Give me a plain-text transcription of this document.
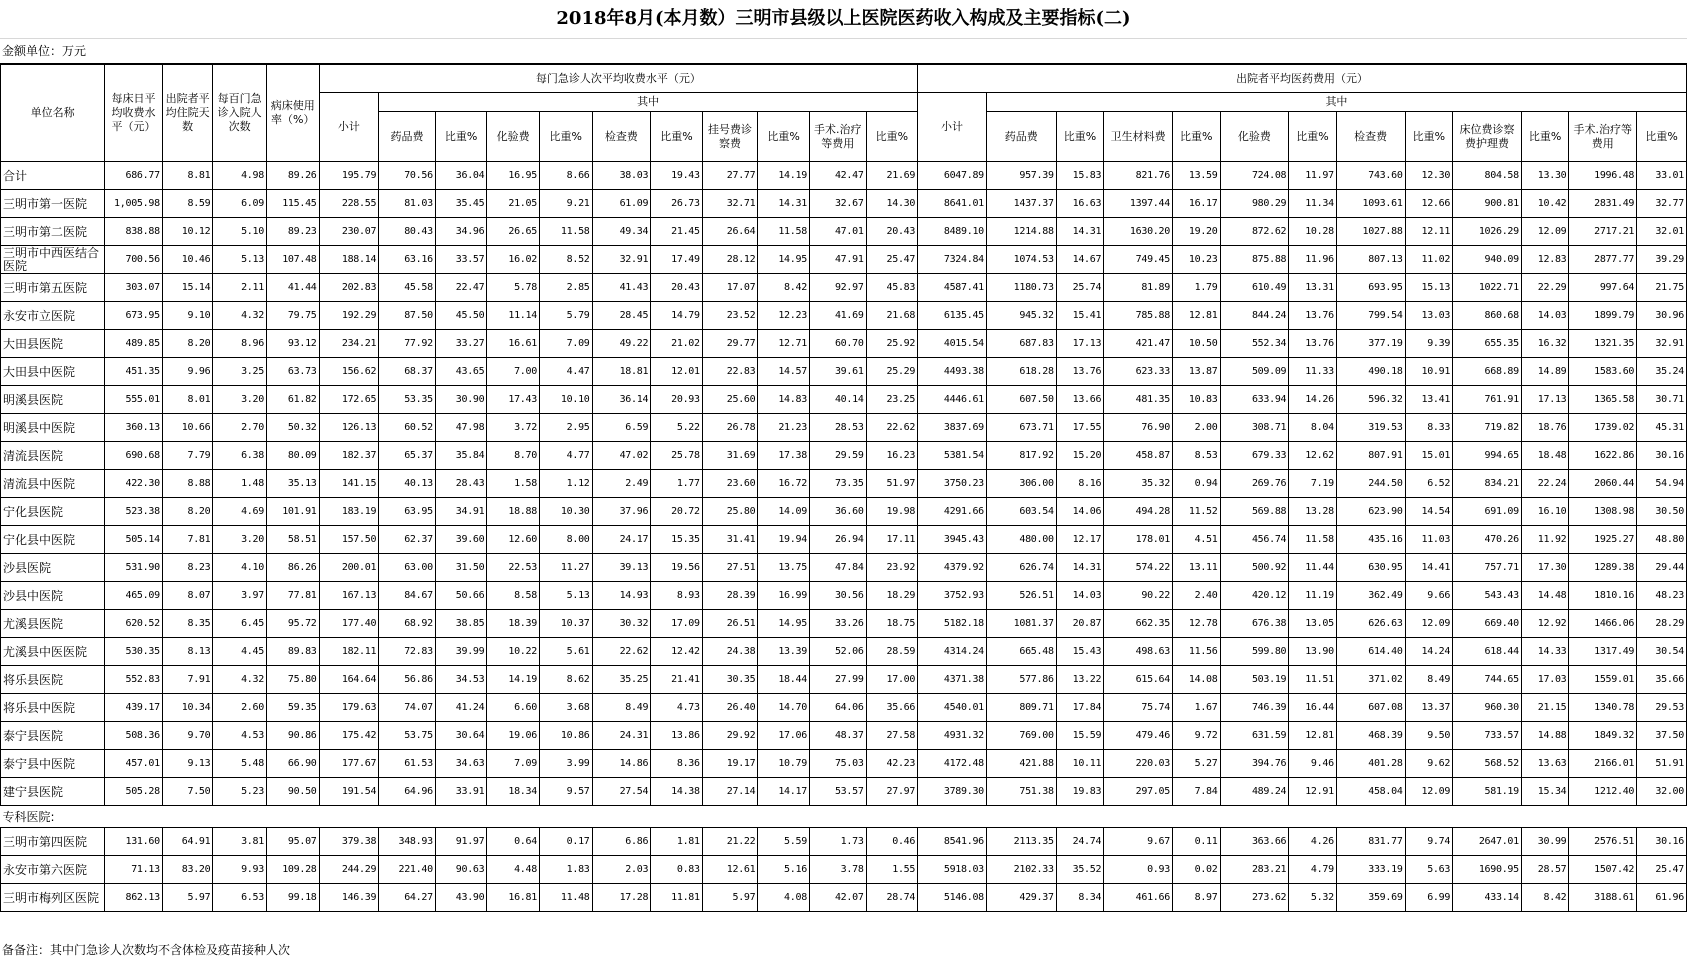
2018年8月(本月数）三明市县级以上医院医药收入构成及主要指标(二)
金额单位：万元
单位名称	每床日平均收费水平（元）	出院者平均住院天数	每百门急诊入院人次数	病床使用率（%）	每门急诊人次平均收费水平（元）											出院者平均医药费用（元）												
					小计	其中										小计	其中											
						药品费	比重%	化验费	比重%	检查费	比重%	挂号费诊察费	比重%	手术.治疗等费用	比重%		药品费	比重%	卫生材料费	比重%	化验费	比重%	检查费	比重%	床位费诊察费护理费	比重%	手术.治疗等费用	比重%
合计	686.77	8.81	4.98	89.26	195.79	70.56	36.04	16.95	8.66	38.03	19.43	27.77	14.19	42.47	21.69	6047.89	957.39	15.83	821.76	13.59	724.08	11.97	743.60	12.30	804.58	13.30	1996.48	33.01
三明市第一医院	1,005.98	8.59	6.09	115.45	228.55	81.03	35.45	21.05	9.21	61.09	26.73	32.71	14.31	32.67	14.30	8641.01	1437.37	16.63	1397.44	16.17	980.29	11.34	1093.61	12.66	900.81	10.42	2831.49	32.77
三明市第二医院	838.88	10.12	5.10	89.23	230.07	80.43	34.96	26.65	11.58	49.34	21.45	26.64	11.58	47.01	20.43	8489.10	1214.88	14.31	1630.20	19.20	872.62	10.28	1027.88	12.11	1026.29	12.09	2717.21	32.01
三明市中西医结合医院	700.56	10.46	5.13	107.48	188.14	63.16	33.57	16.02	8.52	32.91	17.49	28.12	14.95	47.91	25.47	7324.84	1074.53	14.67	749.45	10.23	875.88	11.96	807.13	11.02	940.09	12.83	2877.77	39.29
三明市第五医院	303.07	15.14	2.11	41.44	202.83	45.58	22.47	5.78	2.85	41.43	20.43	17.07	8.42	92.97	45.83	4587.41	1180.73	25.74	81.89	1.79	610.49	13.31	693.95	15.13	1022.71	22.29	997.64	21.75
永安市立医院	673.95	9.10	4.32	79.75	192.29	87.50	45.50	11.14	5.79	28.45	14.79	23.52	12.23	41.69	21.68	6135.45	945.32	15.41	785.88	12.81	844.24	13.76	799.54	13.03	860.68	14.03	1899.79	30.96
大田县医院	489.85	8.20	8.96	93.12	234.21	77.92	33.27	16.61	7.09	49.22	21.02	29.77	12.71	60.70	25.92	4015.54	687.83	17.13	421.47	10.50	552.34	13.76	377.19	9.39	655.35	16.32	1321.35	32.91
大田县中医院	451.35	9.96	3.25	63.73	156.62	68.37	43.65	7.00	4.47	18.81	12.01	22.83	14.57	39.61	25.29	4493.38	618.28	13.76	623.33	13.87	509.09	11.33	490.18	10.91	668.89	14.89	1583.60	35.24
明溪县医院	555.01	8.01	3.20	61.82	172.65	53.35	30.90	17.43	10.10	36.14	20.93	25.60	14.83	40.14	23.25	4446.61	607.50	13.66	481.35	10.83	633.94	14.26	596.32	13.41	761.91	17.13	1365.58	30.71
明溪县中医院	360.13	10.66	2.70	50.32	126.13	60.52	47.98	3.72	2.95	6.59	5.22	26.78	21.23	28.53	22.62	3837.69	673.71	17.55	76.90	2.00	308.71	8.04	319.53	8.33	719.82	18.76	1739.02	45.31
清流县医院	690.68	7.79	6.38	80.09	182.37	65.37	35.84	8.70	4.77	47.02	25.78	31.69	17.38	29.59	16.23	5381.54	817.92	15.20	458.87	8.53	679.33	12.62	807.91	15.01	994.65	18.48	1622.86	30.16
清流县中医院	422.30	8.88	1.48	35.13	141.15	40.13	28.43	1.58	1.12	2.49	1.77	23.60	16.72	73.35	51.97	3750.23	306.00	8.16	35.32	0.94	269.76	7.19	244.50	6.52	834.21	22.24	2060.44	54.94
宁化县医院	523.38	8.20	4.69	101.91	183.19	63.95	34.91	18.88	10.30	37.96	20.72	25.80	14.09	36.60	19.98	4291.66	603.54	14.06	494.28	11.52	569.88	13.28	623.90	14.54	691.09	16.10	1308.98	30.50
宁化县中医院	505.14	7.81	3.20	58.51	157.50	62.37	39.60	12.60	8.00	24.17	15.35	31.41	19.94	26.94	17.11	3945.43	480.00	12.17	178.01	4.51	456.74	11.58	435.16	11.03	470.26	11.92	1925.27	48.80
沙县医院	531.90	8.23	4.10	86.26	200.01	63.00	31.50	22.53	11.27	39.13	19.56	27.51	13.75	47.84	23.92	4379.92	626.74	14.31	574.22	13.11	500.92	11.44	630.95	14.41	757.71	17.30	1289.38	29.44
沙县中医院	465.09	8.07	3.97	77.81	167.13	84.67	50.66	8.58	5.13	14.93	8.93	28.39	16.99	30.56	18.29	3752.93	526.51	14.03	90.22	2.40	420.12	11.19	362.49	9.66	543.43	14.48	1810.16	48.23
尤溪县医院	620.52	8.35	6.45	95.72	177.40	68.92	38.85	18.39	10.37	30.32	17.09	26.51	14.95	33.26	18.75	5182.18	1081.37	20.87	662.35	12.78	676.38	13.05	626.63	12.09	669.40	12.92	1466.06	28.29
尤溪县中医医院	530.35	8.13	4.45	89.83	182.11	72.83	39.99	10.22	5.61	22.62	12.42	24.38	13.39	52.06	28.59	4314.24	665.48	15.43	498.63	11.56	599.80	13.90	614.40	14.24	618.44	14.33	1317.49	30.54
将乐县医院	552.83	7.91	4.32	75.80	164.64	56.86	34.53	14.19	8.62	35.25	21.41	30.35	18.44	27.99	17.00	4371.38	577.86	13.22	615.64	14.08	503.19	11.51	371.02	8.49	744.65	17.03	1559.01	35.66
将乐县中医院	439.17	10.34	2.60	59.35	179.63	74.07	41.24	6.60	3.68	8.49	4.73	26.40	14.70	64.06	35.66	4540.01	809.71	17.84	75.74	1.67	746.39	16.44	607.08	13.37	960.30	21.15	1340.78	29.53
泰宁县医院	508.36	9.70	4.53	90.86	175.42	53.75	30.64	19.06	10.86	24.31	13.86	29.92	17.06	48.37	27.58	4931.32	769.00	15.59	479.46	9.72	631.59	12.81	468.39	9.50	733.57	14.88	1849.32	37.50
泰宁县中医院	457.01	9.13	5.48	66.90	177.67	61.53	34.63	7.09	3.99	14.86	8.36	19.17	10.79	75.03	42.23	4172.48	421.88	10.11	220.03	5.27	394.76	9.46	401.28	9.62	568.52	13.63	2166.01	51.91
建宁县医院	505.28	7.50	5.23	90.50	191.54	64.96	33.91	18.34	9.57	27.54	14.38	27.14	14.17	53.57	27.97	3789.30	751.38	19.83	297.05	7.84	489.24	12.91	458.04	12.09	581.19	15.34	1212.40	32.00
专科医院:																												
三明市第四医院	131.60	64.91	3.81	95.07	379.38	348.93	91.97	0.64	0.17	6.86	1.81	21.22	5.59	1.73	0.46	8541.96	2113.35	24.74	9.67	0.11	363.66	4.26	831.77	9.74	2647.01	30.99	2576.51	30.16
永安市第六医院	71.13	83.20	9.93	109.28	244.29	221.40	90.63	4.48	1.83	2.03	0.83	12.61	5.16	3.78	1.55	5918.03	2102.33	35.52	0.93	0.02	283.21	4.79	333.19	5.63	1690.95	28.57	1507.42	25.47
三明市梅列区医院	862.13	5.97	6.53	99.18	146.39	64.27	43.90	16.81	11.48	17.28	11.81	5.97	4.08	42.07	28.74	5146.08	429.37	8.34	461.66	8.97	273.62	5.32	359.69	6.99	433.14	8.42	3188.61	61.96
备备注：其中门急诊人次数均不含体检及疫苗接种人次
